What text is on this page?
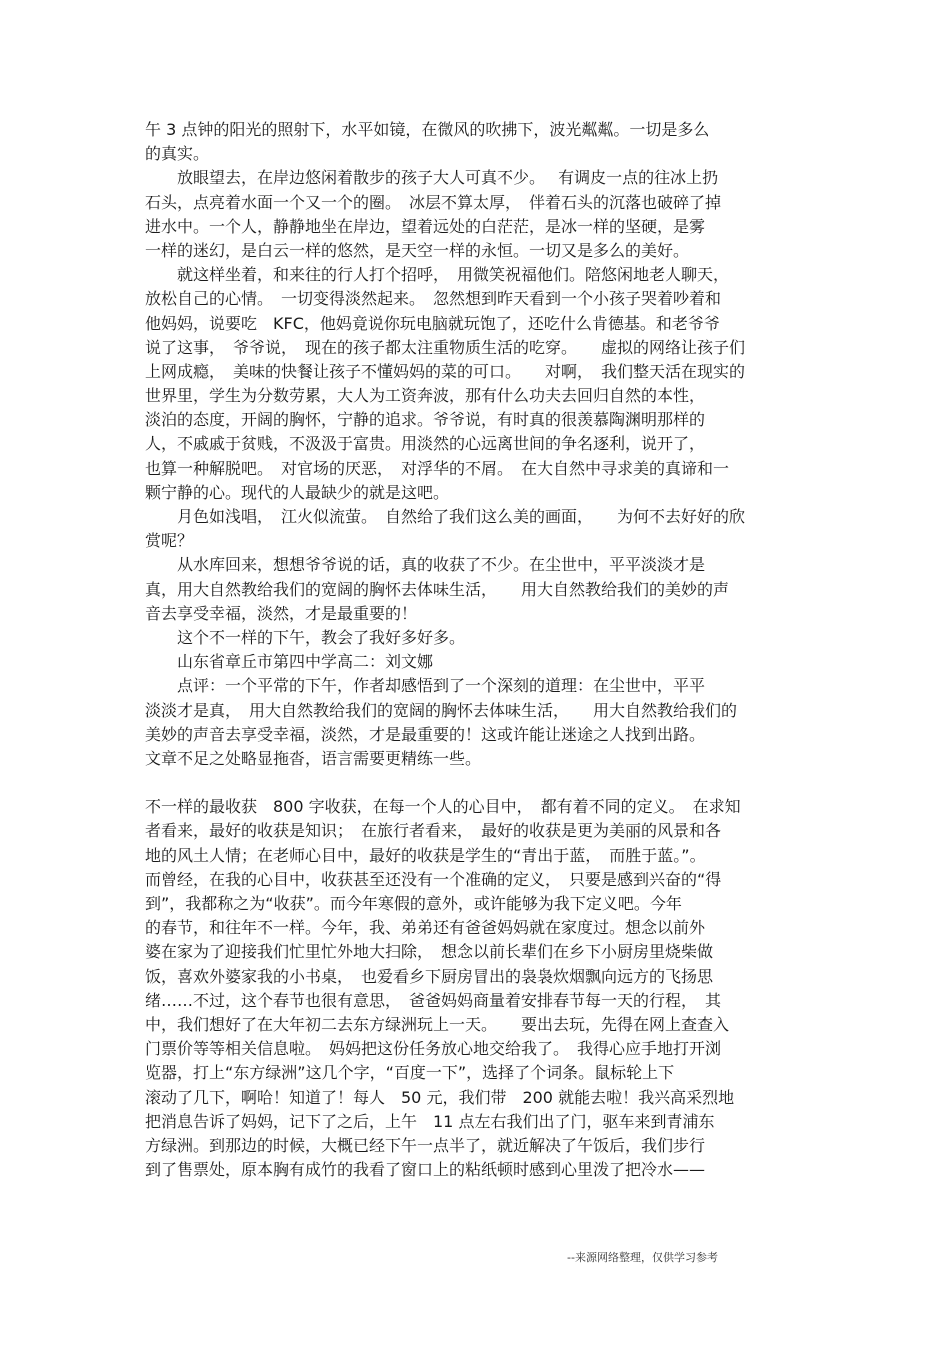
午 3 点钟的阳光的照射下，水平如镜，在微风的吹拂下，波光粼粼。一切是多么
的真实。
　　放眼望去，在岸边悠闲着散步的孩子大人可真不少。　 有调皮一点的往冰上扔
石头，点亮着水面一个又一个的圈。　冰层不算太厚，　伴着石头的沉落也破碎了掉
进水中。一个人，静静地坐在岸边，望着远处的白茫茫，是冰一样的坚硬，是雾
一样的迷幻，是白云一样的悠然，是天空一样的永恒。一切又是多么的美好。
　　就这样坐着，和来往的行人打个招呼，　用微笑祝福他们。陪悠闲地老人聊天，
放松自己的心情。　一切变得淡然起来。　忽然想到昨天看到一个小孩子哭着吵着和
他妈妈，说要吃　KFC，他妈竟说你玩电脑就玩饱了，还吃什么肯德基。和老爷爷
说了这事，　爷爷说，　现在的孩子都太注重物质生活的吃穿。　　虚拟的网络让孩子们
上网成瘾，　美味的快餐让孩子不懂妈妈的菜的可口。　　对啊，　我们整天活在现实的
世界里，学生为分数劳累，大人为工资奔波，那有什么功夫去回归自然的本性，
淡泊的态度，开阔的胸怀，宁静的追求。爷爷说，有时真的很羡慕陶渊明那样的
人，不戚戚于贫贱，不汲汲于富贵。用淡然的心远离世间的争名逐利，说开了，
也算一种解脱吧。　对官场的厌恶，　对浮华的不屑。　在大自然中寻求美的真谛和一
颗宁静的心。现代的人最缺少的就是这吧。
　　月色如浅唱，　江火似流萤。　自然给了我们这么美的画面，　　为何不去好好的欣
赏呢？
　　从水库回来，想想爷爷说的话，真的收获了不少。在尘世中，平平淡淡才是
真，用大自然教给我们的宽阔的胸怀去体味生活，　　用大自然教给我们的美妙的声
音去享受幸福，淡然，才是最重要的！
　　这个不一样的下午，教会了我好多好多。
　　山东省章丘市第四中学高二：刘文娜
　　点评：一个平常的下午，作者却感悟到了一个深刻的道理：在尘世中，平平
淡淡才是真，　用大自然教给我们的宽阔的胸怀去体味生活，　　用大自然教给我们的
美妙的声音去享受幸福，淡然，才是最重要的！这或许能让迷途之人找到出路。
文章不足之处略显拖沓，语言需要更精练一些。
不一样的最收获　800 字收获，在每一个人的心目中，　都有着不同的定义。　在求知
者看来，最好的收获是知识；　在旅行者看来，　最好的收获是更为美丽的风景和各
地的风土人情；在老师心目中，最好的收获是学生的“青出于蓝，　而胜于蓝。”。
而曾经，在我的心目中，收获甚至还没有一个准确的定义，　只要是感到兴奋的“得
到”，我都称之为“收获”。而今年寒假的意外，或许能够为我下定义吧。今年
的春节，和往年不一样。今年，我、弟弟还有爸爸妈妈就在家度过。想念以前外
婆在家为了迎接我们忙里忙外地大扫除，　想念以前长辈们在乡下小厨房里烧柴做
饭，喜欢外婆家我的小书桌，　也爱看乡下厨房冒出的袅袅炊烟飘向远方的飞扬思
绪……不过，这个春节也很有意思，　爸爸妈妈商量着安排春节每一天的行程，　其
中，我们想好了在大年初二去东方绿洲玩上一天。　　要出去玩，先得在网上查查入
门票价等等相关信息啦。　妈妈把这份任务放心地交给我了。　我得心应手地打开浏
览器，打上“东方绿洲”这几个字，“百度一下”，选择了个词条。鼠标轮上下
滚动了几下，啊哈！知道了！每人　50 元，我们带　200 就能去啦！我兴高采烈地
把消息告诉了妈妈，记下了之后，上午　11 点左右我们出了门，驱车来到青浦东
方绿洲。到那边的时候，大概已经下午一点半了，就近解决了午饭后，我们步行
到了售票处，原本胸有成竹的我看了窗口上的粘纸顿时感到心里泼了把冷水——
--来源网络整理，仅供学习参考
